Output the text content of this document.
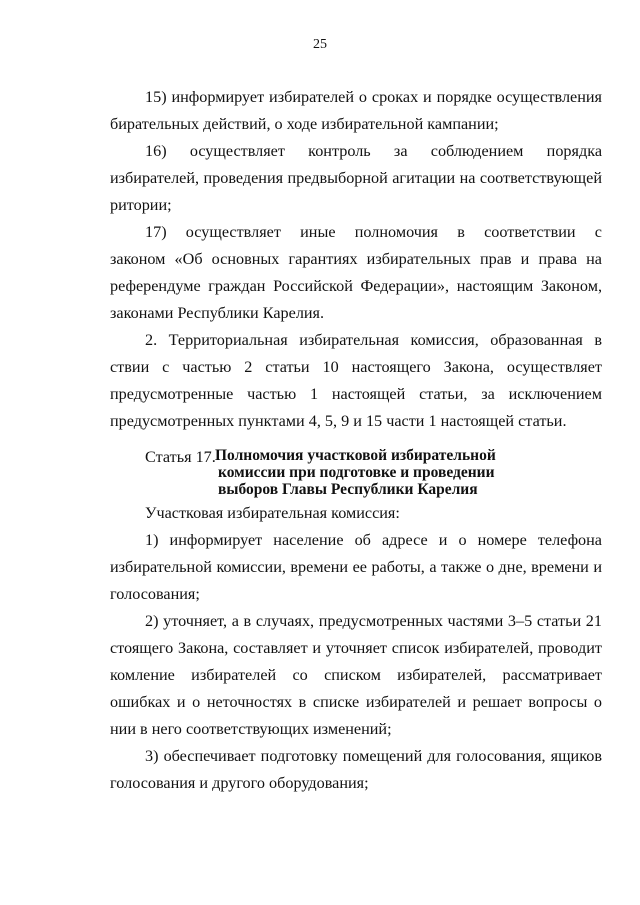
25
15) информирует избирателей о сроках и порядке осуществления
бирательных действий, о ходе избирательной кампании;
16) осуществляет контроль за соблюдением порядка
избирателей, проведения предвыборной агитации на соответствующей
ритории;
17) осуществляет иные полномочия в соответствии с
законом «Об основных гарантиях избирательных прав и права на
референдуме граждан Российской Федерации», настоящим Законом,
законами Республики Карелия.
2. Территориальная избирательная комиссия, образованная в
ствии с частью 2 статьи 10 настоящего Закона, осуществляет
предусмотренные частью 1 настоящей статьи, за исключением
предусмотренных пунктами 4, 5, 9 и 15 части 1 настоящей статьи.
Статья 17. Полномочия участковой избирательной
комиссии при подготовке и проведении
выборов Главы Республики Карелия
Участковая избирательная комиссия:
1) информирует население об адресе и о номере телефона
избирательной комиссии, времени ее работы, а также о дне, времени и
голосования;
2) уточняет, а в случаях, предусмотренных частями 3–5 статьи 21
стоящего Закона, составляет и уточняет список избирателей, проводит
комление избирателей со списком избирателей, рассматривает
ошибках и о неточностях в списке избирателей и решает вопросы о
нии в него соответствующих изменений;
3) обеспечивает подготовку помещений для голосования, ящиков
голосования и другого оборудования;
